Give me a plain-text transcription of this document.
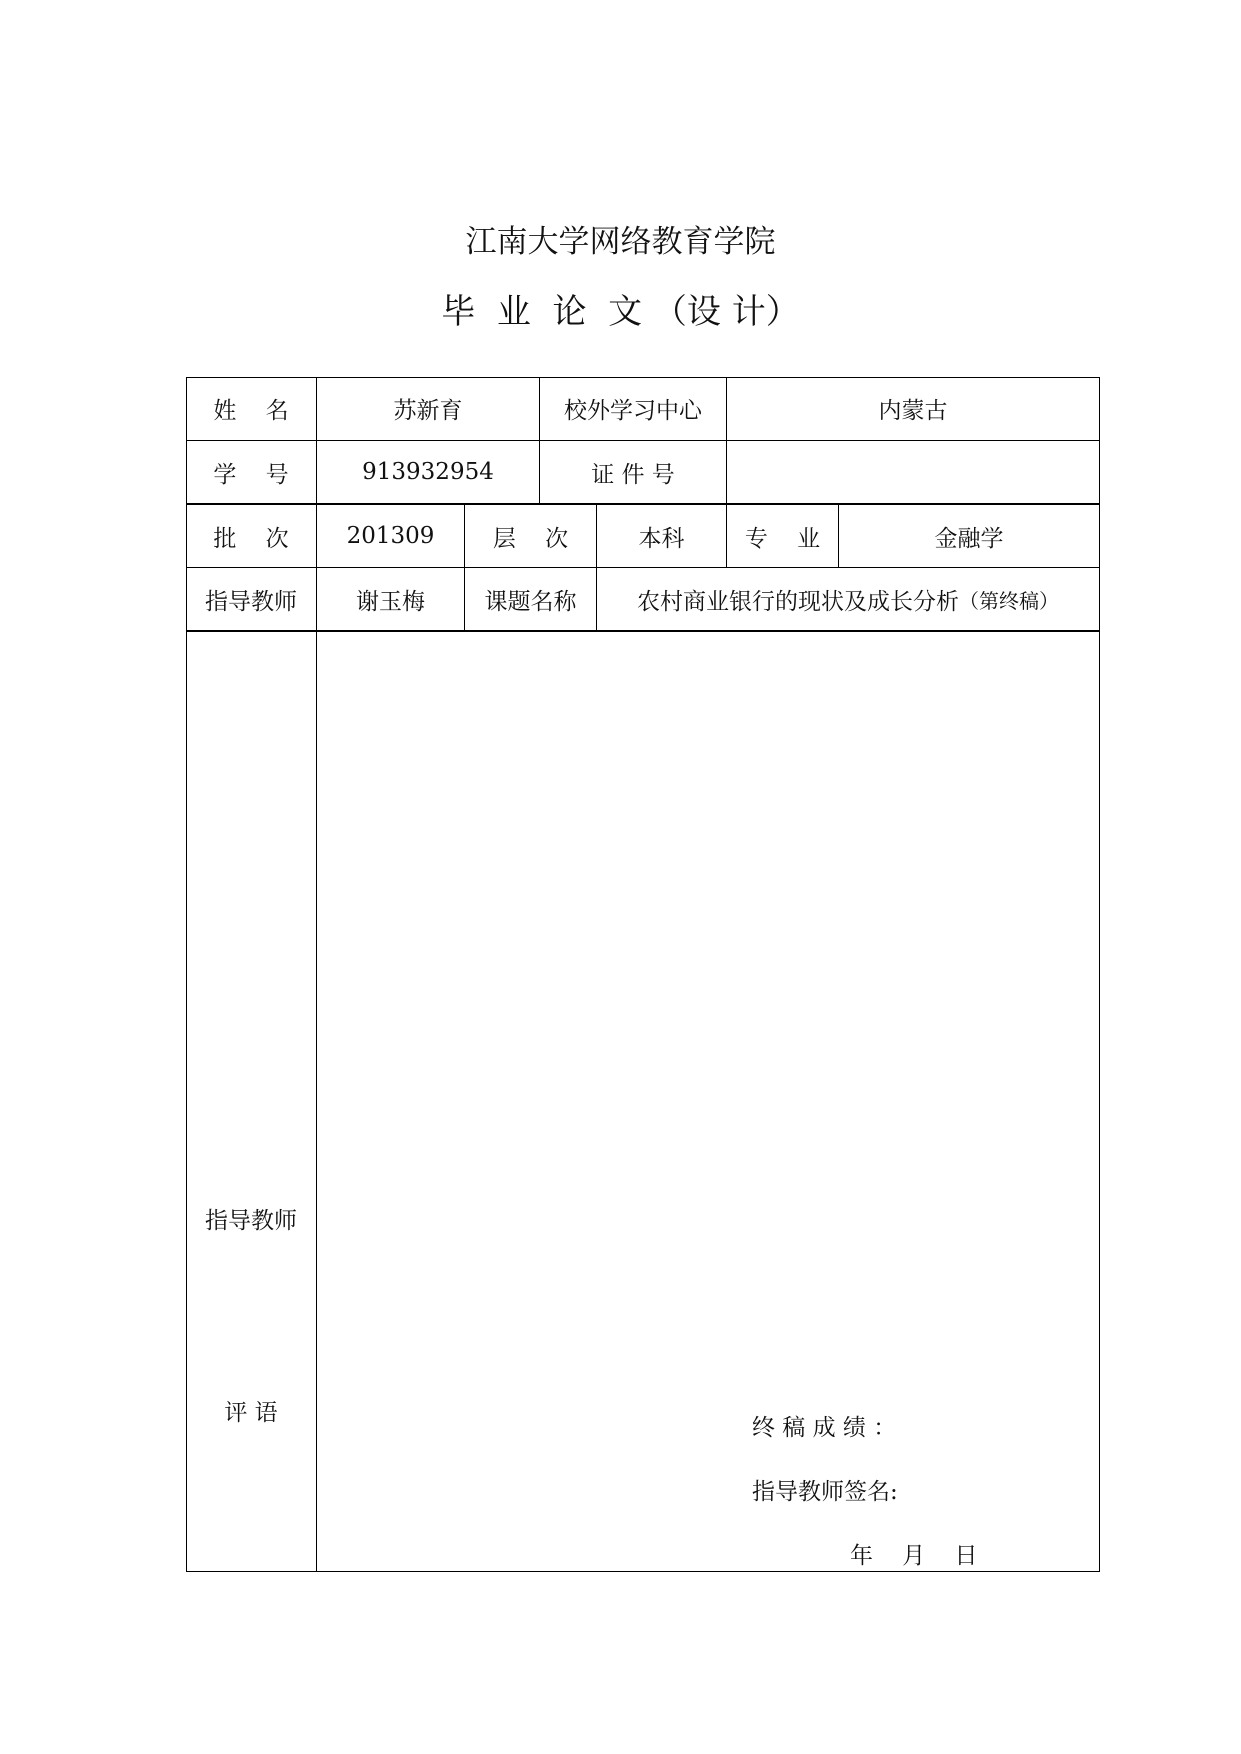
江南大学网络教育学院
毕  业  论  文 （设 计）
姓    名	苏新育	校外学习中心	内蒙古
学    号	913932954	证 件 号
批    次	201309	层    次	本科	专    业	金融学
指导教师	谢玉梅	课题名称	农村商业银行的现状及成长分析 （第终稿）

指导教师

评 语

终 稿 成 绩 ：
指导教师签名:
年    月    日
